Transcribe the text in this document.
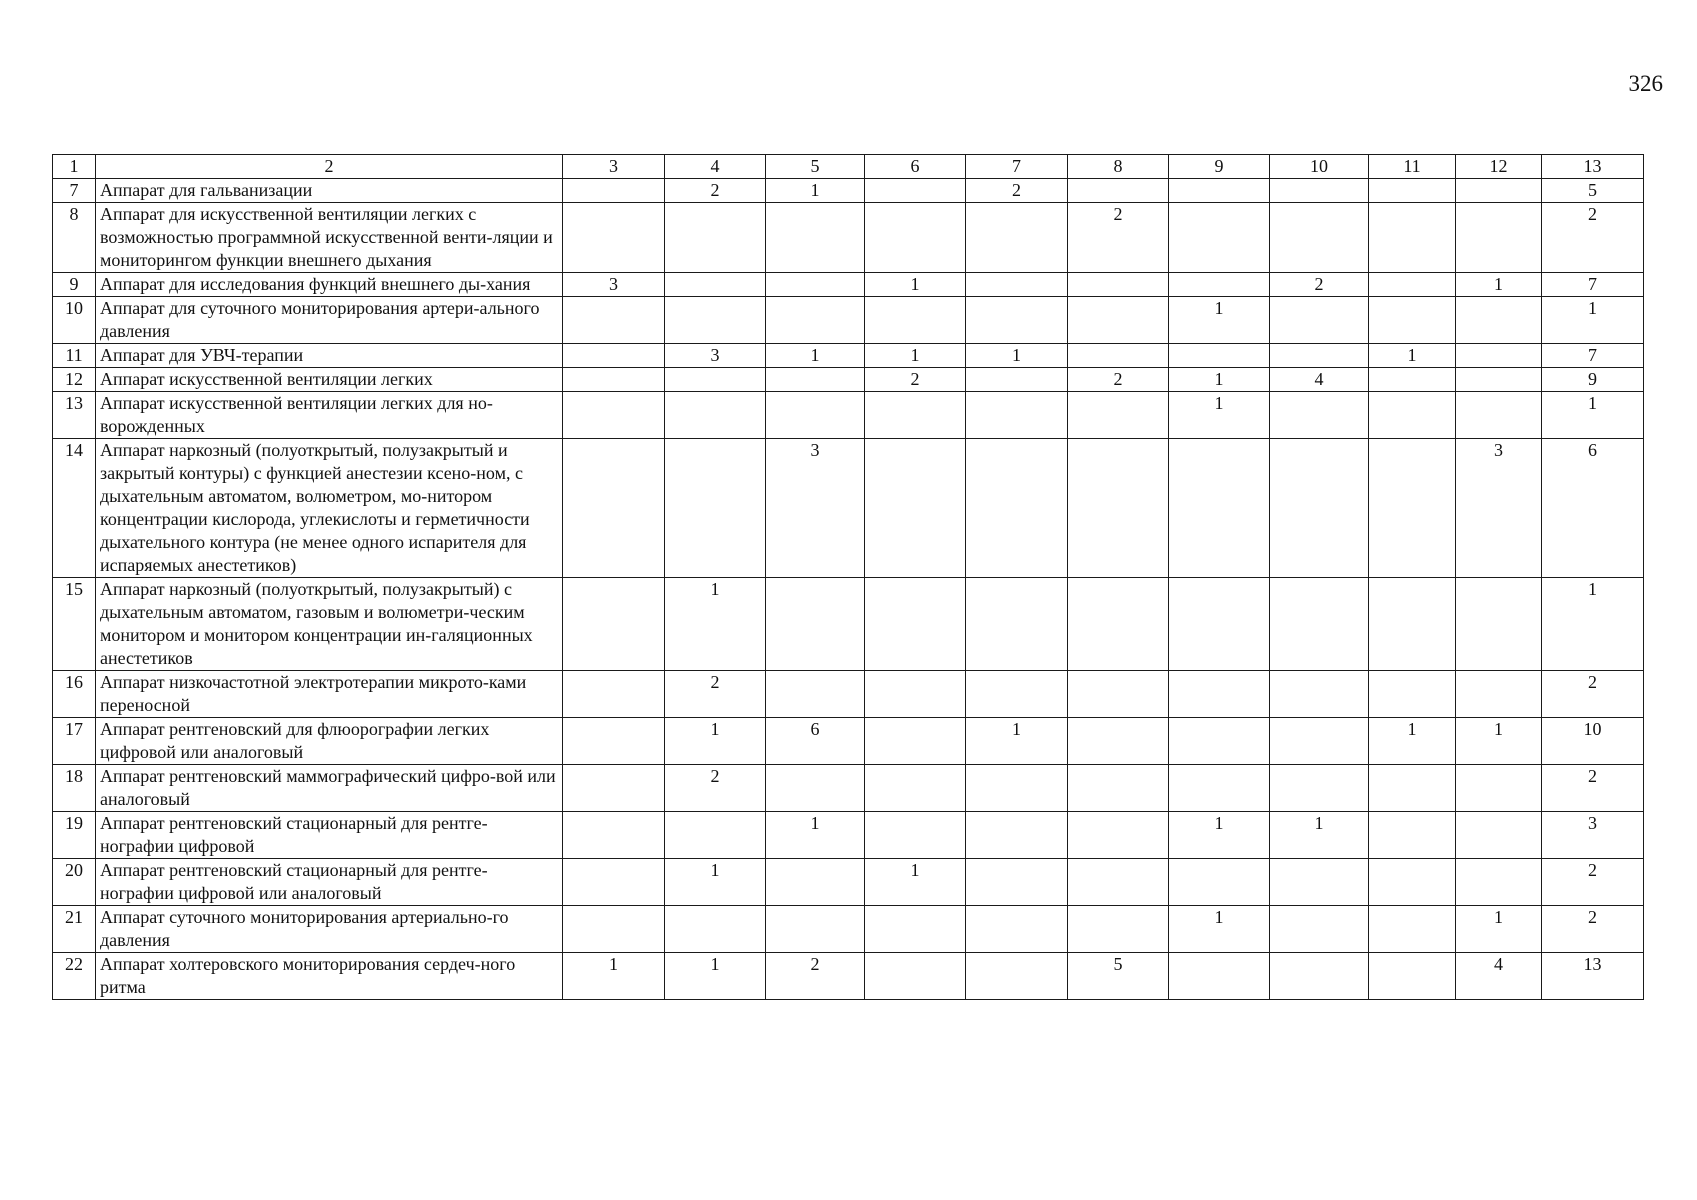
326
1	2	3	4	5	6	7	8	9	10	11	12	13
7	Аппарат для гальванизации		2	1		2						5
8	Аппарат для искусственной вентиляции легких с возможностью программной искусственной венти-ляции и мониторингом функции внешнего дыхания						2					2
9	Аппарат для исследования функций внешнего ды-хания	3			1				2		1	7
10	Аппарат для суточного мониторирования артери-ального давления							1				1
11	Аппарат для УВЧ-терапии		3	1	1	1				1		7
12	Аппарат искусственной вентиляции легких				2		2	1	4			9
13	Аппарат искусственной вентиляции легких для но-ворожденных							1				1
14	Аппарат наркозный (полуоткрытый, полузакрытый и закрытый контуры) с функцией анестезии ксено-ном, с дыхательным автоматом, волюметром, мо-нитором концентрации кислорода, углекислоты и герметичности дыхательного контура (не менее одного испарителя для испаряемых анестетиков)			3							3	6
15	Аппарат наркозный (полуоткрытый, полузакрытый) с дыхательным автоматом, газовым и волюметри-ческим монитором и монитором концентрации ин-галяционных анестетиков		1									1
16	Аппарат низкочастотной электротерапии микрото-ками переносной		2									2
17	Аппарат рентгеновский для флюорографии легких цифровой или аналоговый		1	6		1				1	1	10
18	Аппарат рентгеновский маммографический цифро-вой или аналоговый		2									2
19	Аппарат рентгеновский стационарный для рентге-нографии цифровой			1				1	1			3
20	Аппарат рентгеновский стационарный для рентге-нографии цифровой или аналоговый		1		1							2
21	Аппарат суточного мониторирования артериально-го давления							1			1	2
22	Аппарат холтеровского мониторирования сердеч-ного ритма	1	1	2			5				4	13
